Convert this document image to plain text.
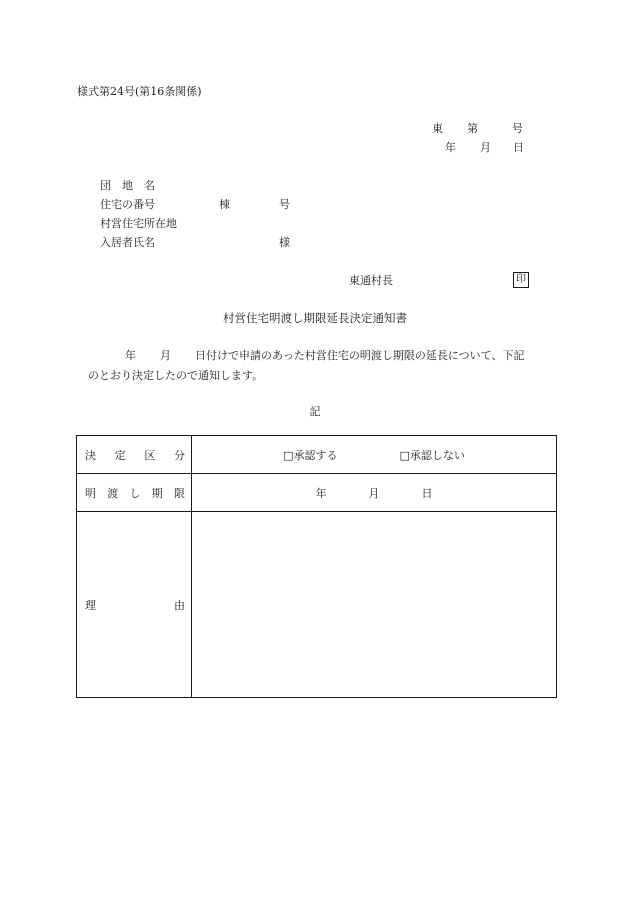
様式第24号(第16条関係)
東 第	号
年 月 日
団　地　名
住宅の番号	棟	号
村営住宅所在地
入居者氏名	様
東通村長	印
村営住宅明渡し期限延長決定通知書
年 月 日付けで申請のあった村営住宅の明渡し期限の延長について、下記
のとおり決定したので通知します。
記
決 定 区 分	□承認する □承認しない

明 渡 し 期 限	年 月 日

理 由	
